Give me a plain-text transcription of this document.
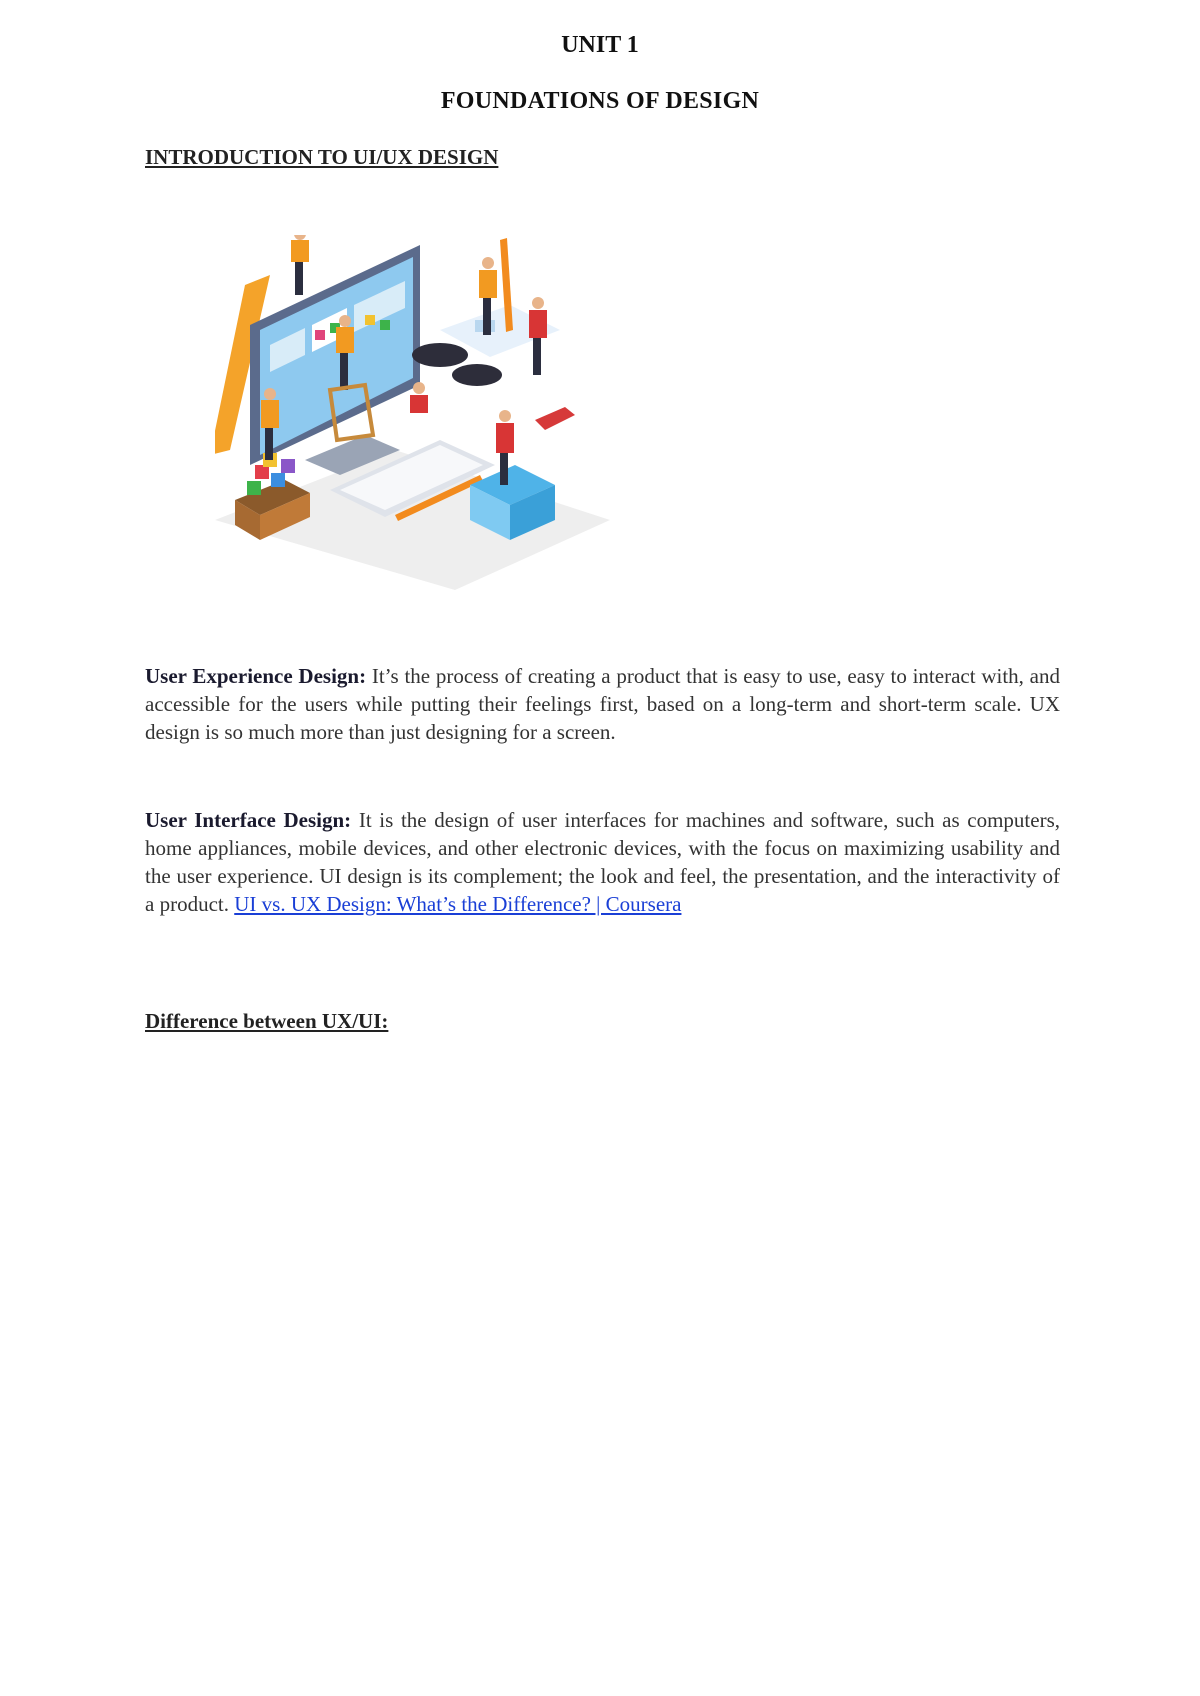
UNIT 1
FOUNDATIONS OF DESIGN
INTRODUCTION TO UI/UX DESIGN
User Experience Design: It’s the process of creating a product that is easy to use, easy to interact with, and accessible for the users while putting their feelings first, based on a long-term and short-term scale. UX design is so much more than just designing for a screen.
User Interface Design: It is the design of user interfaces for machines and software, such as computers, home appliances, mobile devices, and other electronic devices, with the focus on maximizing usability and the user experience. UI design is its complement; the look and feel, the presentation, and the interactivity of a product. UI vs. UX Design: What’s the Difference? | Coursera
Difference between UX/UI:
